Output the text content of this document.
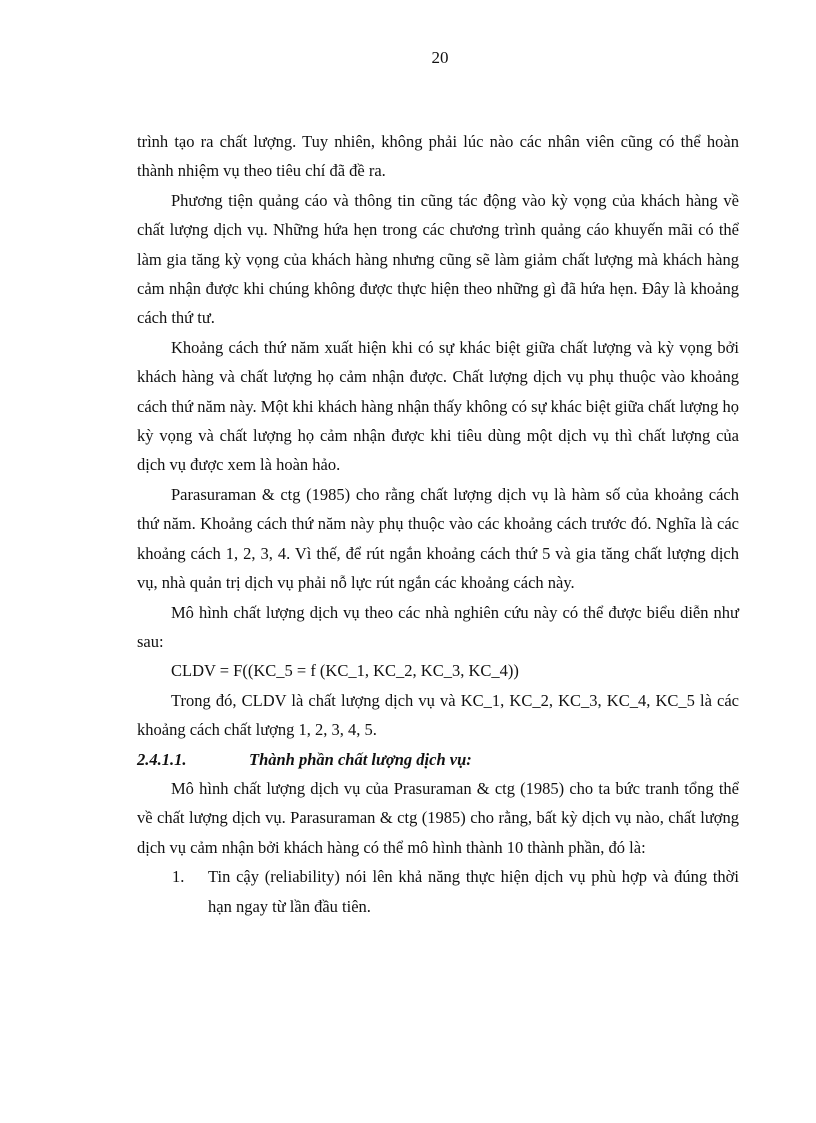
20

trình tạo ra chất lượng. Tuy nhiên, không phải lúc nào các nhân viên cũng có thể hoàn thành nhiệm vụ theo tiêu chí đã đề ra.

Phương tiện quảng cáo và thông tin cũng tác động vào kỳ vọng của khách hàng về chất lượng dịch vụ. Những hứa hẹn trong các chương trình quảng cáo khuyến mãi có thể làm gia tăng kỳ vọng của khách hàng nhưng cũng sẽ làm giảm chất lượng mà khách hàng cảm nhận được khi chúng không được thực hiện theo những gì đã hứa hẹn. Đây là khoảng cách thứ tư.

Khoảng cách thứ năm xuất hiện khi có sự khác biệt giữa chất lượng và kỳ vọng bởi khách hàng và chất lượng họ cảm nhận được. Chất lượng dịch vụ phụ thuộc vào khoảng cách thứ năm này. Một khi khách hàng nhận thấy không có sự khác biệt giữa chất lượng họ kỳ vọng và chất lượng họ cảm nhận được khi tiêu dùng một dịch vụ thì chất lượng của dịch vụ được xem là hoàn hảo.

Parasuraman & ctg (1985) cho rằng chất lượng dịch vụ là hàm số của khoảng cách thứ năm. Khoảng cách thứ năm này phụ thuộc vào các khoảng cách trước đó. Nghĩa là các khoảng cách 1, 2, 3, 4. Vì thế, để rút ngắn khoảng cách thứ 5 và gia tăng chất lượng dịch vụ, nhà quản trị dịch vụ phải nỗ lực rút ngắn các khoảng cách này.

Mô hình chất lượng dịch vụ theo các nhà nghiên cứu này có thể được biểu diễn như sau:

CLDV = F((KC_5 = f (KC_1, KC_2, KC_3, KC_4))

Trong đó, CLDV là chất lượng dịch vụ và KC_1, KC_2, KC_3, KC_4, KC_5 là các khoảng cách chất lượng 1, 2, 3, 4, 5.

2.4.1.1.	Thành phần chất lượng dịch vụ:

Mô hình chất lượng dịch vụ của Prasuraman & ctg (1985) cho ta bức tranh tổng thể về chất lượng dịch vụ. Parasuraman & ctg (1985) cho rằng, bất kỳ dịch vụ nào, chất lượng dịch vụ cảm nhận bởi khách hàng có thể mô hình thành 10 thành phần, đó là:

1.	Tin cậy (reliability) nói lên khả năng thực hiện dịch vụ phù hợp và đúng thời hạn ngay từ lần đầu tiên.
